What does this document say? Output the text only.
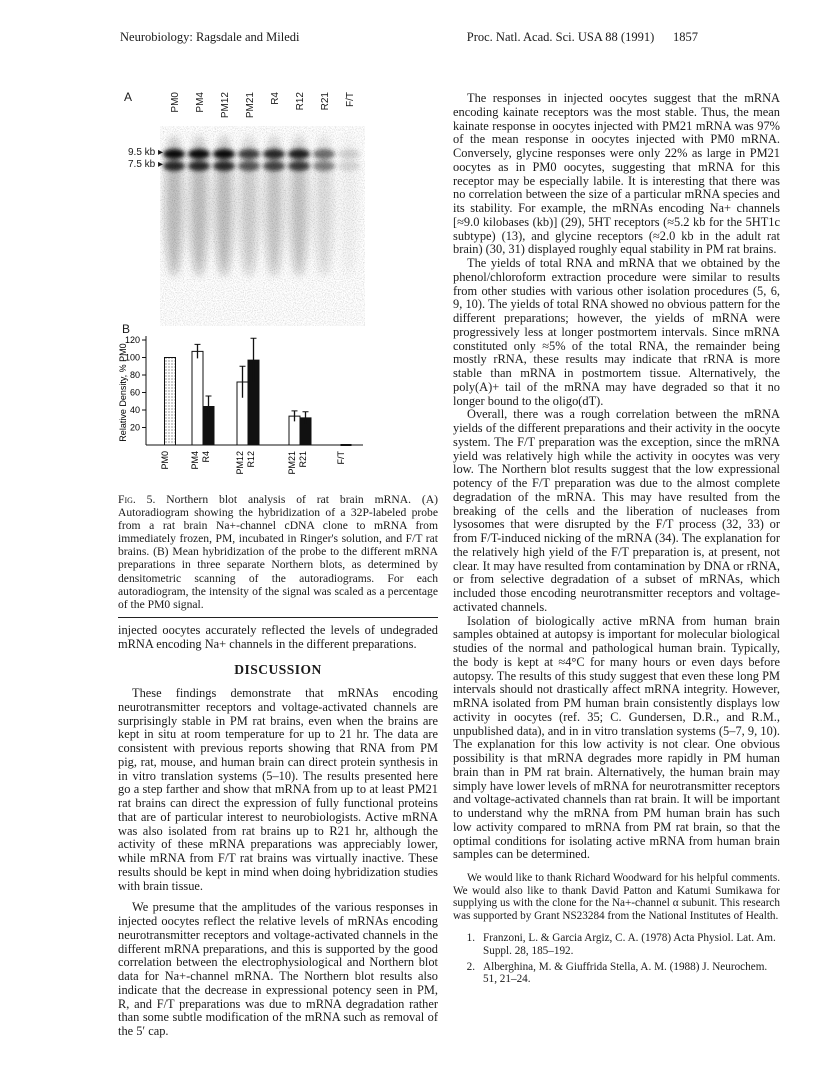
Neurobiology: Ragsdale and Miledi	Proc. Natl. Acad. Sci. USA 88 (1991) 1857
A	PM0 PM4 PM12 PM21 R4 R12 R21 F/T
9.5 kb ▸
7.5 kb ▸
B
20
40
60
80
100
120
Relative Density, % PM0
PM0 PM4 R4	PM12 R12	PM21 R21	F/T

Fig. 5. Northern blot analysis of rat brain mRNA. (A) Autoradiogram showing the hybridization of a 32P-labeled probe from a rat brain Na+-channel cDNA clone to mRNA from immediately frozen, PM, incubated in Ringer's solution, and F/T rat brains. (B) Mean hybridization of the probe to the different mRNA preparations in three separate Northern blots, as determined by densitometric scanning of the autoradiograms. For each autoradiogram, the intensity of the signal was scaled as a percentage of the PM0 signal.

injected oocytes accurately reflected the levels of undegraded mRNA encoding Na+ channels in the different preparations.

DISCUSSION

These findings demonstrate that mRNAs encoding neurotransmitter receptors and voltage-activated channels are surprisingly stable in PM rat brains, even when the brains are kept in situ at room temperature for up to 21 hr. The data are consistent with previous reports showing that RNA from PM pig, rat, mouse, and human brain can direct protein synthesis in in vitro translation systems (5–10). The results presented here go a step farther and show that mRNA from up to at least PM21 rat brains can direct the expression of fully functional proteins that are of particular interest to neurobiologists. Active mRNA was also isolated from rat brains up to R21 hr, although the activity of these mRNA preparations was appreciably lower, while mRNA from F/T rat brains was virtually inactive. These results should be kept in mind when doing hybridization studies with brain tissue.

We presume that the amplitudes of the various responses in injected oocytes reflect the relative levels of mRNAs encoding neurotransmitter receptors and voltage-activated channels in the different mRNA preparations, and this is supported by the good correlation between the electrophysiological and Northern blot data for Na+-channel mRNA. The Northern blot results also indicate that the decrease in expressional potency seen in PM, R, and F/T preparations was due to mRNA degradation rather than some subtle modification of the mRNA such as removal of the 5′ cap.

The responses in injected oocytes suggest that the mRNA encoding kainate receptors was the most stable. Thus, the mean kainate response in oocytes injected with PM21 mRNA was 97% of the mean response in oocytes injected with PM0 mRNA. Conversely, glycine responses were only 22% as large in PM21 oocytes as in PM0 oocytes, suggesting that mRNA for this receptor may be especially labile. It is interesting that there was no correlation between the size of a particular mRNA species and its stability. For example, the mRNAs encoding Na+ channels [≈9.0 kilobases (kb)] (29), 5HT receptors (≈5.2 kb for the 5HT1c subtype) (13), and glycine receptors (≈2.0 kb in the adult rat brain) (30, 31) displayed roughly equal stability in PM rat brains.

The yields of total RNA and mRNA that we obtained by the phenol/chloroform extraction procedure were similar to results from other studies with various other isolation procedures (5, 6, 9, 10). The yields of total RNA showed no obvious pattern for the different preparations; however, the yields of mRNA were progressively less at longer postmortem intervals. Since mRNA constituted only ≈5% of the total RNA, the remainder being mostly rRNA, these results may indicate that rRNA is more stable than mRNA in postmortem tissue. Alternatively, the poly(A)+ tail of the mRNA may have degraded so that it no longer bound to the oligo(dT).

Overall, there was a rough correlation between the mRNA yields of the different preparations and their activity in the oocyte system. The F/T preparation was the exception, since the mRNA yield was relatively high while the activity in oocytes was very low. The Northern blot results suggest that the low expressional potency of the F/T preparation was due to the almost complete degradation of the mRNA. This may have resulted from the breaking of the cells and the liberation of nucleases from lysosomes that were disrupted by the F/T process (32, 33) or from F/T-induced nicking of the mRNA (34). The explanation for the relatively high yield of the F/T preparation is, at present, not clear. It may have resulted from contamination by DNA or rRNA, or from selective degradation of a subset of mRNAs, which included those encoding neurotransmitter receptors and voltage-activated channels.

Isolation of biologically active mRNA from human brain samples obtained at autopsy is important for molecular biological studies of the normal and pathological human brain. Typically, the body is kept at ≈4°C for many hours or even days before autopsy. The results of this study suggest that even these long PM intervals should not drastically affect mRNA integrity. However, mRNA isolated from PM human brain consistently displays low activity in oocytes (ref. 35; C. Gundersen, D.R., and R.M., unpublished data), and in in vitro translation systems (5–7, 9, 10). The explanation for this low activity is not clear. One obvious possibility is that mRNA degrades more rapidly in PM human brain than in PM rat brain. Alternatively, the human brain may simply have lower levels of mRNA for neurotransmitter receptors and voltage-activated channels than rat brain. It will be important to understand why the mRNA from PM human brain has such low activity compared to mRNA from PM rat brain, so that the optimal conditions for isolating active mRNA from human brain samples can be determined.

We would like to thank Richard Woodward for his helpful comments. We would also like to thank David Patton and Katumi Sumikawa for supplying us with the clone for the Na+-channel α subunit. This research was supported by Grant NS23284 from the National Institutes of Health.

1. Franzoni, L. & Garcia Argiz, C. A. (1978) Acta Physiol. Lat. Am. Suppl. 28, 185–192.
2. Alberghina, M. & Giuffrida Stella, A. M. (1988) J. Neurochem. 51, 21–24.
